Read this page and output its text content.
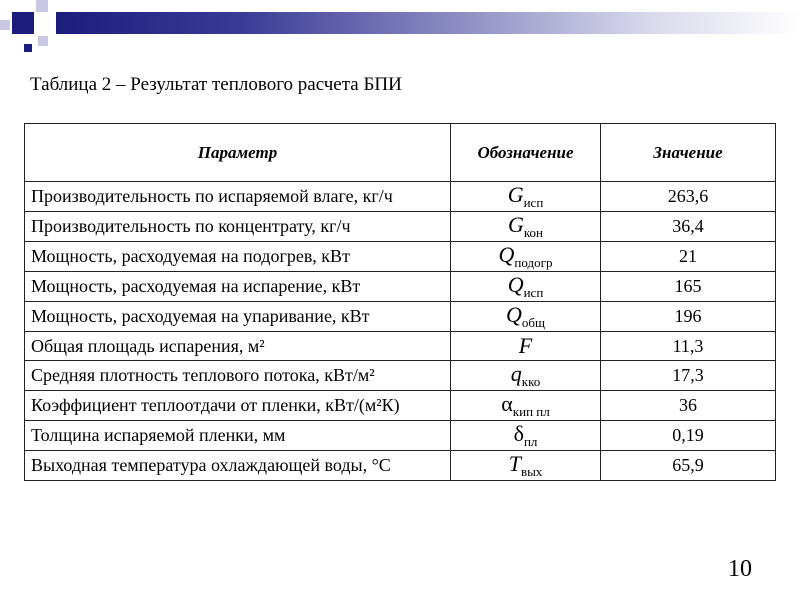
Таблица 2 – Результат теплового расчета БПИ
Параметр	Обозначение	Значение
Производительность по испаряемой влаге, кг/ч	$G_{исп}$	263,6
Производительность по концентрату, кг/ч	$G_{кон}$	36,4
Мощность, расходуемая на подогрев, кВт	$Q_{подогр}$	21
Мощность, расходуемая на испарение, кВт	$Q_{исп}$	165
Мощность, расходуемая на упаривание, кВт	$Q_{общ}$	196
Общая площадь испарения, м²	F	11,3
Средняя плотность теплового потока, кВт/м²	$q_{кко}$	17,3
Коэффициент теплоотдачи от пленки, кВт/(м²К)	$\alpha_{кип пл}$	36
Толщина испаряемой пленки, мм	$\delta_{пл}$	0,19
Выходная температура охлаждающей воды, °С	$T_{вых}$	65,9
10
